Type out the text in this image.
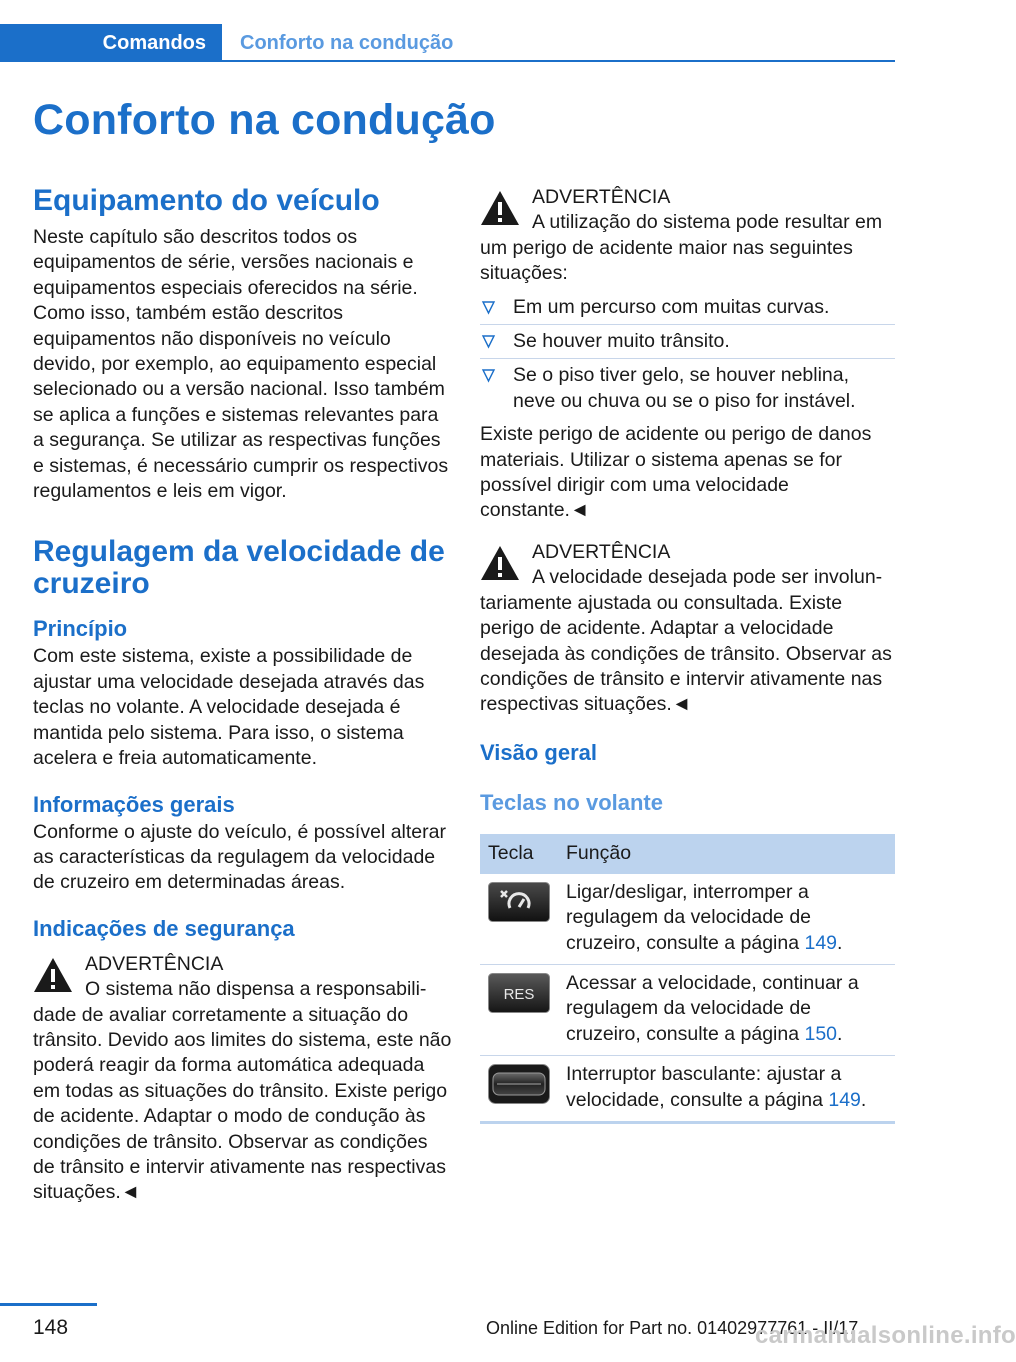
Comandos	Conforto na condução
Conforto na condução
Equipamento do veículo

Neste capítulo são descritos todos os equipamentos de série, versões nacionais e equipamentos especiais oferecidos na série. Como isso, também estão descritos equipamentos não disponíveis no veículo devido, por exemplo, ao equipamento especial selecionado ou a versão nacional. Isso também se aplica a funções e sistemas relevantes para a segurança. Se utilizar as respectivas funções e sistemas, é necessário cumprir os respectivos regulamentos e leis em vigor.

Regulagem da velocidade de cruzeiro
Princípio

Com este sistema, existe a possibilidade de ajustar uma velocidade desejada através das teclas no volante. A velocidade desejada é mantida pelo sistema. Para isso, o sistema acelera e freia automaticamente.

Informações gerais

Conforme o ajuste do veículo, é possível alterar as características da regulagem da velocidade de cruzeiro em determinadas áreas.

Indicações de segurança

ADVERTÊNCIA

O sistema não dispensa a responsabili-

dade de avaliar corretamente a situação do trânsito. Devido aos limites do sistema, este não poderá reagir da forma automática adequada em todas as situações do trânsito. Existe perigo de acidente. Adaptar o modo de condução às condições de trânsito. Observar as condições de trânsito e intervir ativamente nas respectivas situações.◄

ADVERTÊNCIA

A utilização do sistema pode resultar em

um perigo de acidente maior nas seguintes situações:

Em um percurso com muitas curvas.
Se houver muito trânsito.
Se o piso tiver gelo, se houver neblina, neve ou chuva ou se o piso for instável.

Existe perigo de acidente ou perigo de danos materiais. Utilizar o sistema apenas se for possível dirigir com uma velocidade constante.◄

ADVERTÊNCIA

A velocidade desejada pode ser involun-

tariamente ajustada ou consultada. Existe perigo de acidente. Adaptar a velocidade desejada às condições de trânsito. Observar as condições de trânsito e intervir ativamente nas respectivas situações.◄

Visão geral
Teclas no volante
Tecla	Função

	Ligar/desligar, interromper a regulagem da velocidade de cruzeiro, consulte a página 149.

RES	Acessar a velocidade, continuar a regulagem da velocidade de cruzeiro, consulte a página 150.

	Interruptor basculante: ajustar a velocidade, consulte a página 149.
148	Online Edition for Part no. 01402977761 - II/17
carmanualsonline.info
